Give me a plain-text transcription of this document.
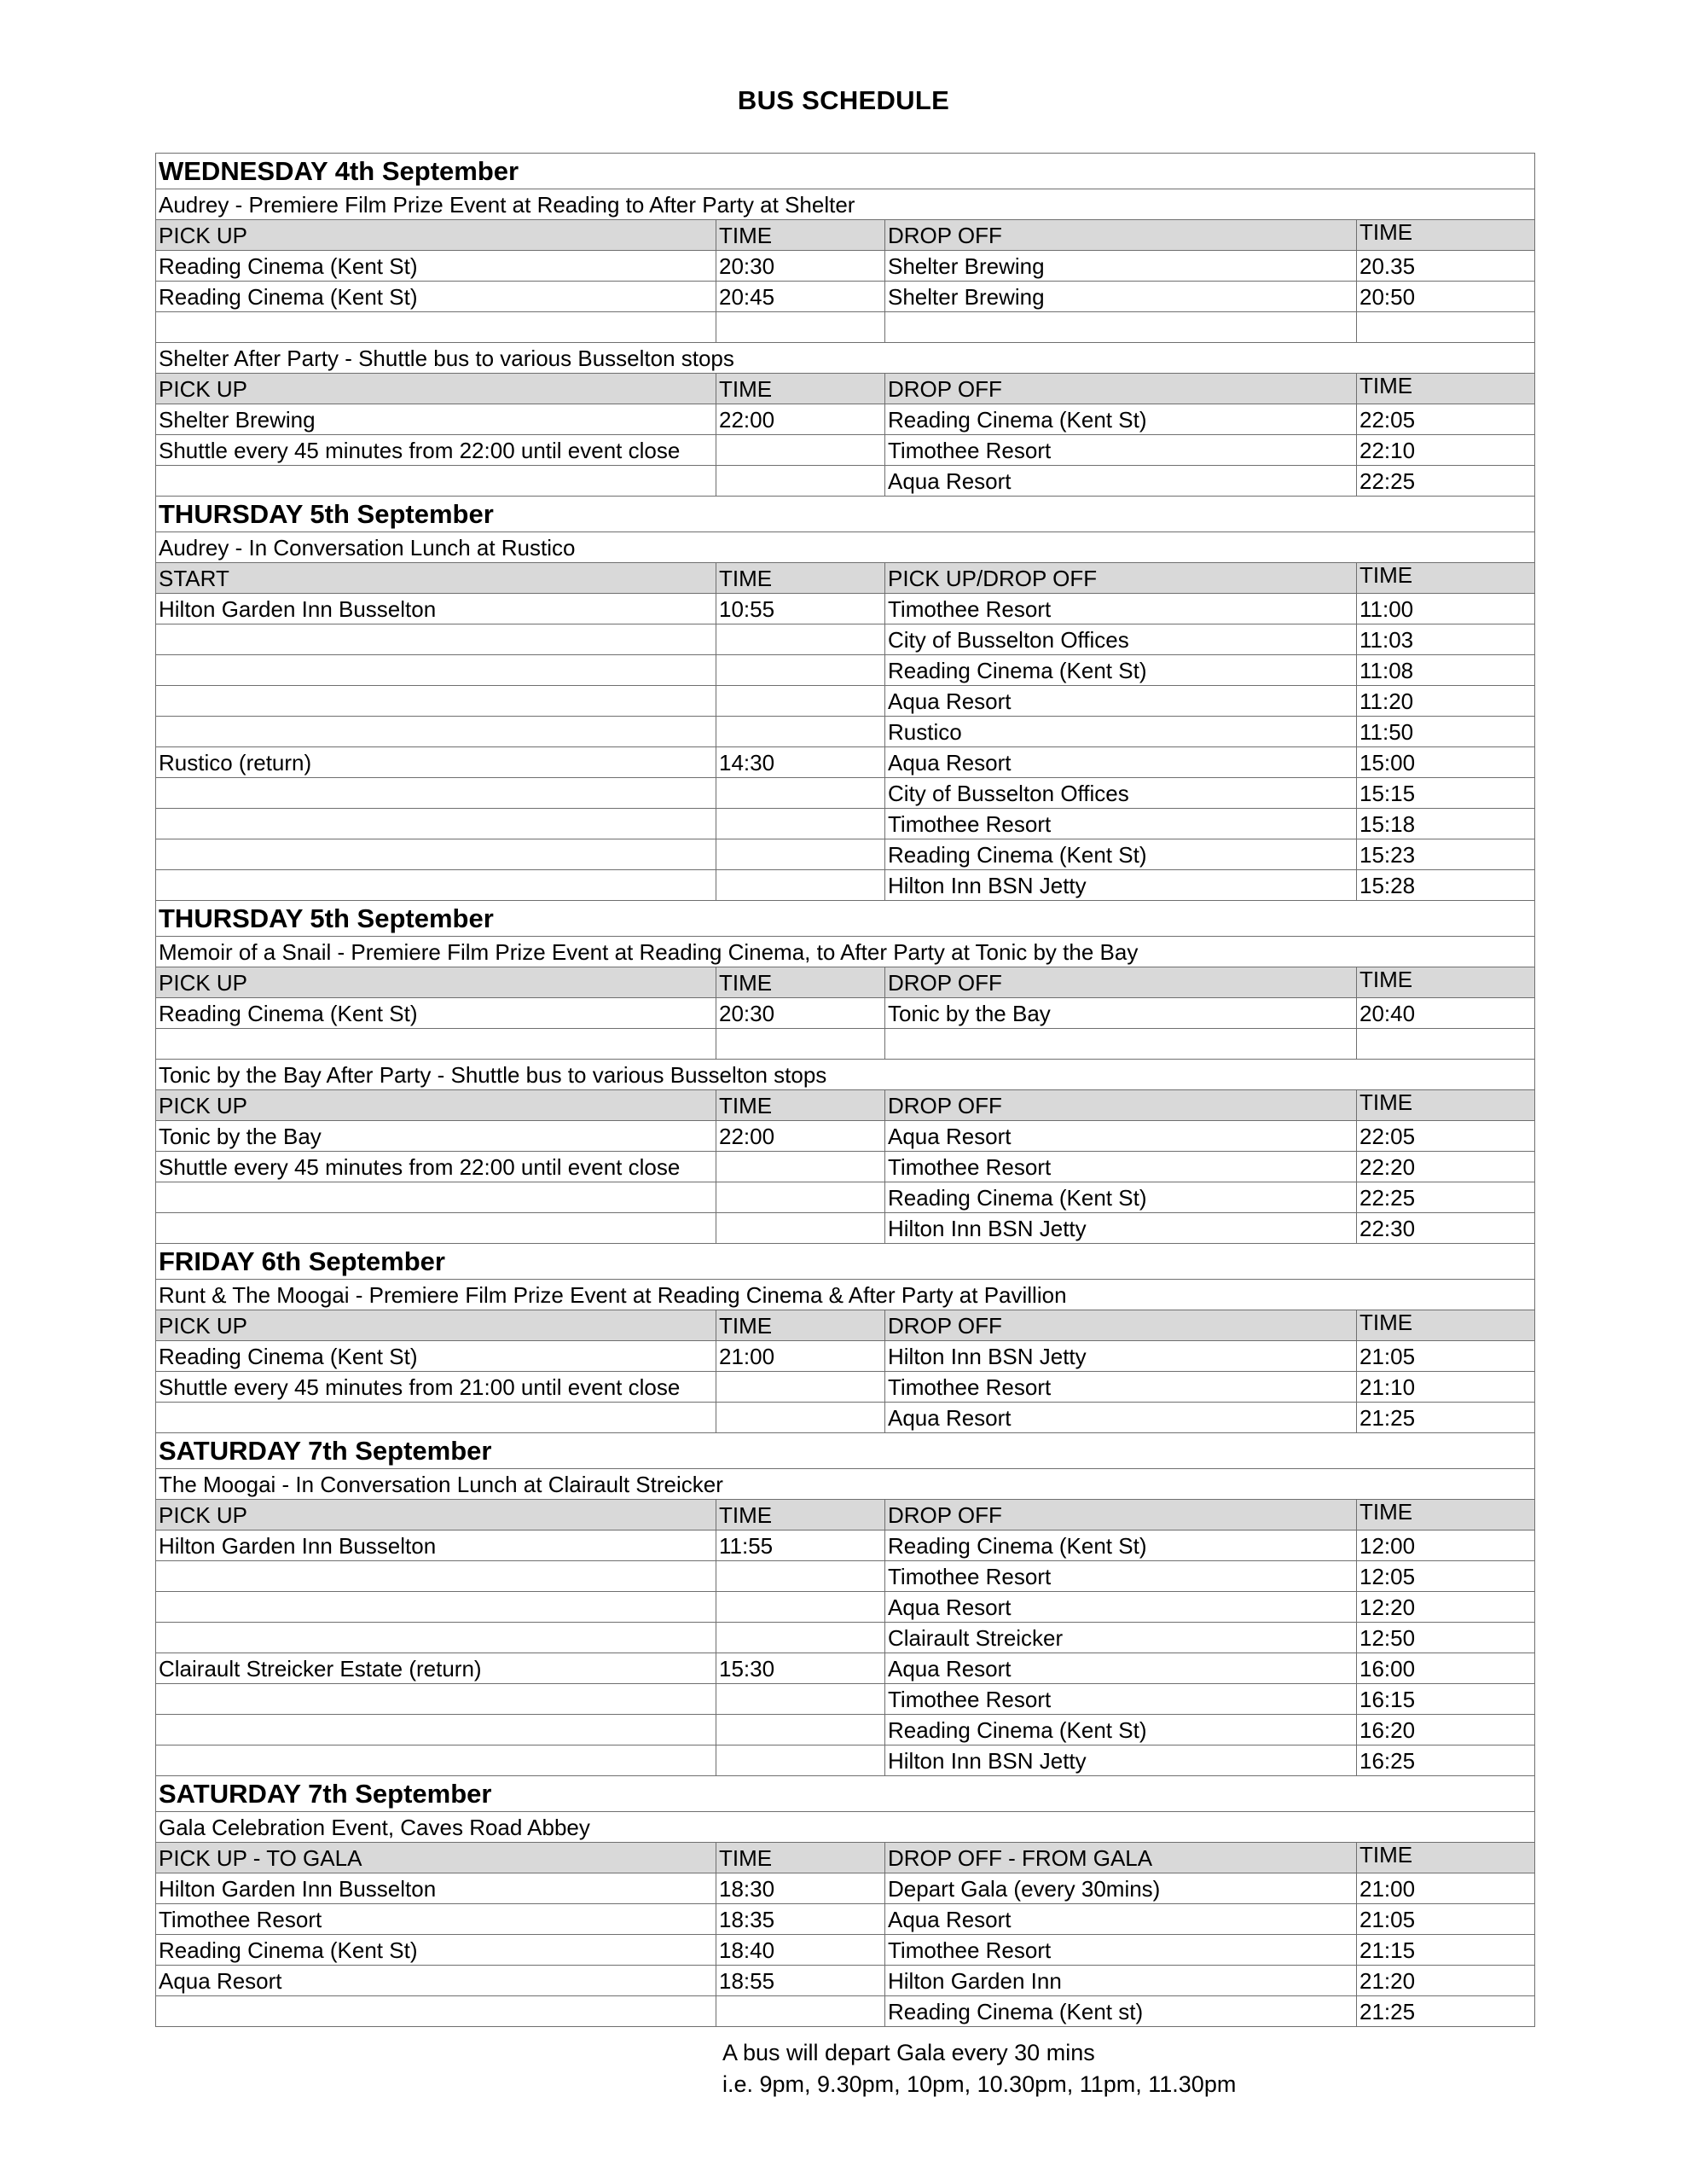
BUS SCHEDULE
WEDNESDAY 4th September			
Audrey - Premiere Film Prize Event at Reading to After Party at Shelter			
PICK UP	TIME	DROP OFF	TIME
Reading Cinema (Kent St)	20:30	Shelter Brewing	20.35
Reading Cinema (Kent St)	20:45	Shelter Brewing	20:50

Shelter After Party - Shuttle bus to various Busselton stops			
PICK UP	TIME	DROP OFF	TIME
Shelter Brewing	22:00	Reading Cinema (Kent St)	22:05
Shuttle every 45 minutes from 22:00 until event close		Timothee Resort	22:10
		Aqua Resort	22:25
THURSDAY 5th September			
Audrey - In Conversation Lunch at Rustico			
START	TIME	PICK UP/DROP OFF	TIME
Hilton Garden Inn Busselton	10:55	Timothee Resort	11:00
		City of Busselton Offices	11:03
		Reading Cinema (Kent St)	11:08
		Aqua Resort	11:20
		Rustico	11:50
Rustico (return)	14:30	Aqua Resort	15:00
		City of Busselton Offices	15:15
		Timothee Resort	15:18
		Reading Cinema (Kent St)	15:23
		Hilton Inn BSN Jetty	15:28
THURSDAY 5th September			
Memoir of a Snail - Premiere Film Prize Event at Reading Cinema, to After Party at Tonic by the Bay			
PICK UP	TIME	DROP OFF	TIME
Reading Cinema (Kent St)	20:30	Tonic by the Bay	20:40

Tonic by the Bay After Party - Shuttle bus to various Busselton stops			
PICK UP	TIME	DROP OFF	TIME
Tonic by the Bay	22:00	Aqua Resort	22:05
Shuttle every 45 minutes from 22:00 until event close		Timothee Resort	22:20
		Reading Cinema (Kent St)	22:25
		Hilton Inn BSN Jetty	22:30
FRIDAY 6th September			
Runt & The Moogai - Premiere Film Prize Event at Reading Cinema & After Party at Pavillion			
PICK UP	TIME	DROP OFF	TIME
Reading Cinema (Kent St)	21:00	Hilton Inn BSN Jetty	21:05
Shuttle every 45 minutes from 21:00 until event close		Timothee Resort	21:10
		Aqua Resort	21:25
SATURDAY 7th September			
The Moogai - In Conversation Lunch at Clairault Streicker			
PICK UP	TIME	DROP OFF	TIME
Hilton Garden Inn Busselton	11:55	Reading Cinema (Kent St)	12:00
		Timothee Resort	12:05
		Aqua Resort	12:20
		Clairault Streicker	12:50
Clairault Streicker Estate (return)	15:30	Aqua Resort	16:00
		Timothee Resort	16:15
		Reading Cinema (Kent St)	16:20
		Hilton Inn BSN Jetty	16:25
SATURDAY 7th September			
Gala Celebration Event, Caves Road Abbey			
PICK UP - TO GALA	TIME	DROP OFF - FROM GALA	TIME
Hilton Garden Inn Busselton	18:30	Depart Gala (every 30mins)	21:00
Timothee Resort	18:35	Aqua Resort	21:05
Reading Cinema (Kent St)	18:40	Timothee Resort	21:15
Aqua Resort	18:55	Hilton Garden Inn	21:20
		Reading Cinema (Kent st)	21:25
A bus will depart Gala every 30 mins
i.e. 9pm, 9.30pm, 10pm, 10.30pm, 11pm, 11.30pm
